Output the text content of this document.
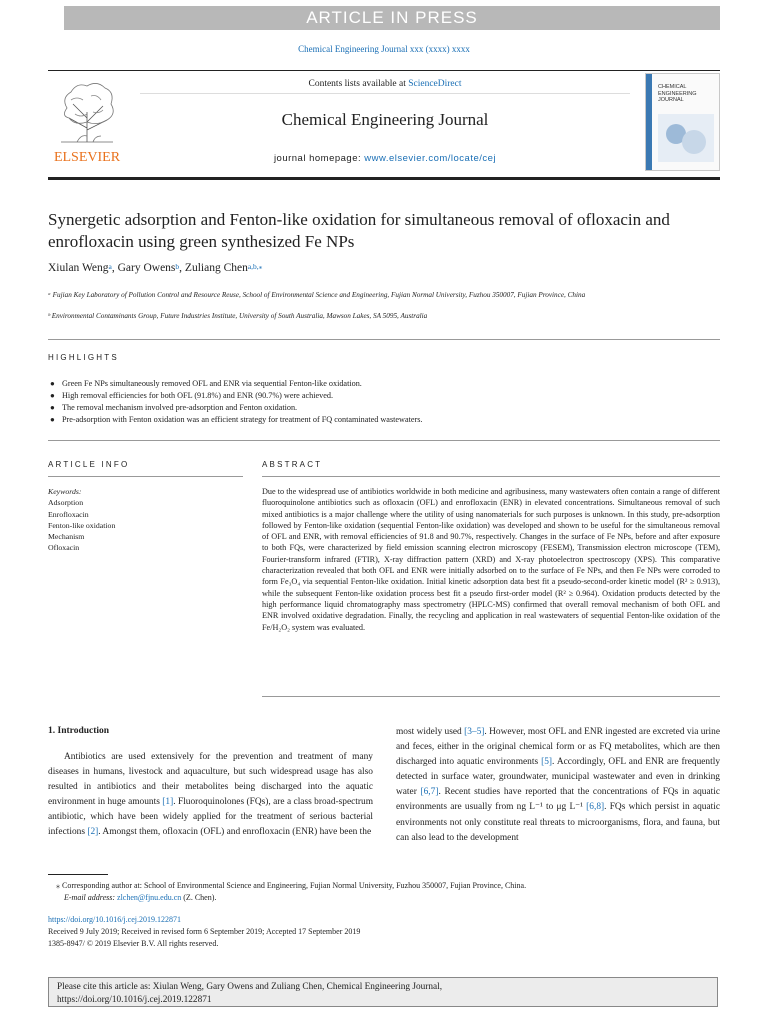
ARTICLE IN PRESS
Chemical Engineering Journal xxx (xxxx) xxxx
ELSEVIER
Contents lists available at ScienceDirect
Chemical Engineering Journal
journal homepage: www.elsevier.com/locate/cej
CHEMICAL
ENGINEERING
JOURNAL
Synergetic adsorption and Fenton-like oxidation for simultaneous removal of ofloxacin and enrofloxacin using green synthesized Fe NPs
Xiulan Weng$^a$, Gary Owens$^b$, Zuliang Chen$^{a,b,⁎}$
ᵃ Fujian Key Laboratory of Pollution Control and Resource Reuse, School of Environmental Science and Engineering, Fujian Normal University, Fuzhou 350007, Fujian Province, China
ᵇ Environmental Contaminants Group, Future Industries Institute, University of South Australia, Mawson Lakes, SA 5095, Australia
HIGHLIGHTS
● Green Fe NPs simultaneously removed OFL and ENR via sequential Fenton-like oxidation.
● High removal efficiencies for both OFL (91.8%) and ENR (90.7%) were achieved.
● The removal mechanism involved pre-adsorption and Fenton oxidation.
● Pre-adsorption with Fenton oxidation was an efficient strategy for treatment of FQ contaminated wastewaters.
ARTICLE INFO	ABSTRACT
Keywords:
Adsorption
Enrofloxacin
Fenton-like oxidation
Mechanism
Ofloxacin
Due to the widespread use of antibiotics worldwide in both medicine and agribusiness, many wastewaters often contain a range of different fluoroquinolone antibiotics such as ofloxacin (OFL) and enrofloxacin (ENR) in elevated concentrations. Simultaneous removal of such mixed antibiotics is a major challenge where the utility of using nanomaterials for such purposes is unknown. In this study, pre-adsorption followed by Fenton-like oxidation (sequential Fenton-like oxidation) was developed and shown to be useful for the simultaneous removal of OFL and ENR, with removal efficiencies of 91.8 and 90.7%, respectively. Changes in the surface of Fe NPs, before and after exposure to both FQs, were characterized by field emission scanning electron microscopy (FESEM), Transmission electron microscope (TEM), Fourier-transform infrared (FTIR), X-ray diffraction pattern (XRD) and X-ray photoelectron spectroscopy (XPS). This comparative characterization revealed that both OFL and ENR were initially adsorbed on to the surface of Fe NPs, and then Fe NPs were corroded to form Fe₃O₄ via sequential Fenton-like oxidation. Initial kinetic adsorption data best fit a pseudo-second-order kinetic model (R² ≥ 0.913), while the subsequent Fenton-like oxidation process best fit a pseudo first-order model (R² ≥ 0.964). Oxidation products detected by the high performance liquid chromatography mass spectrometry (HPLC-MS) confirmed that overall removal mechanism of both OFL and ENR involved oxidative degradation. Finally, the recycling and application in real wastewaters of sequential Fenton-like oxidation of the Fe/H₂O₂ system was evaluated.
1. Introduction
Antibiotics are used extensively for the prevention and treatment of many diseases in humans, livestock and aquaculture, but such widespread usage has also resulted in antibiotics and their metabolites being discharged into the aquatic environment in huge amounts [1]. Fluoroquinolones (FQs), are a class broad-spectrum antibiotic, which have been widely applied for the treatment of serious bacterial infections [2]. Amongst them, ofloxacin (OFL) and enrofloxacin (ENR) have been the
most widely used [3–5]. However, most OFL and ENR ingested are excreted via urine and feces, either in the original chemical form or as FQ metabolites, which are then discharged into aquatic environments [5]. Accordingly, OFL and ENR are frequently detected in surface water, groundwater, municipal wastewater and even in drinking water [6,7]. Recent studies have reported that the concentrations of FQs in aquatic environments are usually from ng L⁻¹ to μg L⁻¹ [6,8]. FQs which persist in aquatic environments not only constitute real threats to microorganisms, flora, and fauna, but can also lead to the development
⁎ Corresponding author at: School of Environmental Science and Engineering, Fujian Normal University, Fuzhou 350007, Fujian Province, China.
E-mail address: zlchen@fjnu.edu.cn (Z. Chen).
https://doi.org/10.1016/j.cej.2019.122871
Received 9 July 2019; Received in revised form 6 September 2019; Accepted 17 September 2019
1385-8947/ © 2019 Elsevier B.V. All rights reserved.
Please cite this article as: Xiulan Weng, Gary Owens and Zuliang Chen, Chemical Engineering Journal,
https://doi.org/10.1016/j.cej.2019.122871
